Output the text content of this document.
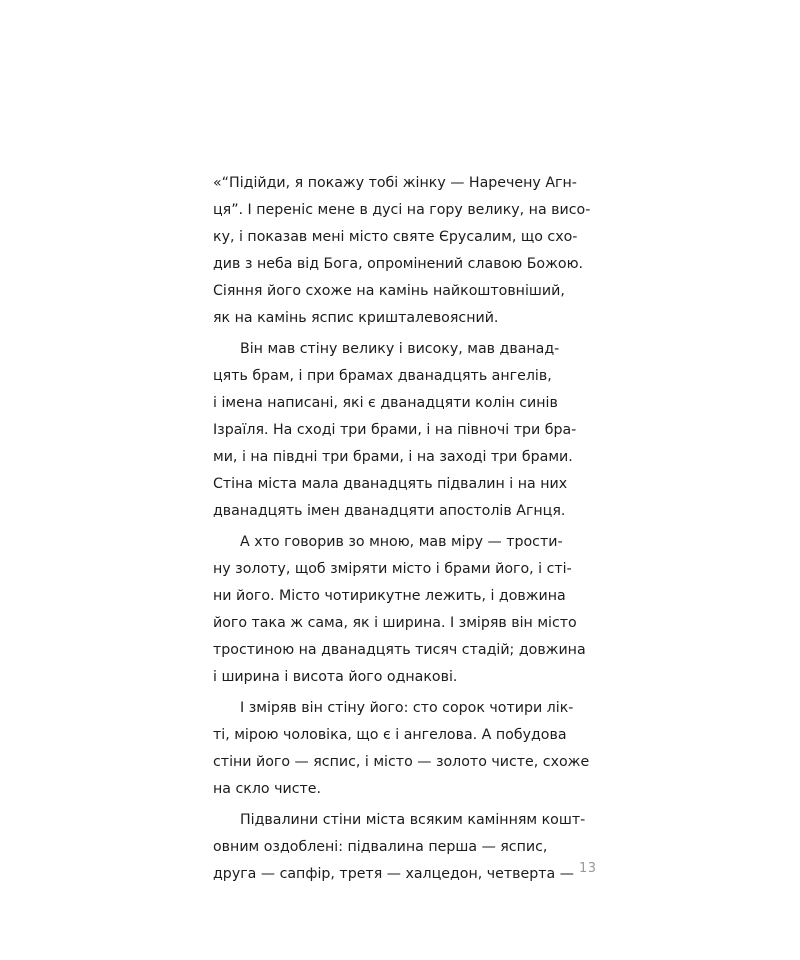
«“Підійди, я покажу тобі жінку — Наречену Агн-
ця”. І переніс мене в дусі на гору велику, на висо-
ку, і показав мені місто святе Єрусалим, що схо-
див з неба від Бога, опромінений славою Божою.
Сіяння його схоже на камінь найкоштовніший,
як на камінь яспис кришталевоясний.
Він мав стіну велику і високу, мав дванад-
цять брам, і при брамах дванадцять ангелів,
і імена написані, які є дванадцяти колін синів
Ізраїля. На сході три брами, і на півночі три бра-
ми, і на півдні три брами, і на заході три брами.
Стіна міста мала дванадцять підвалин і на них
дванадцять імен дванадцяти апостолів Агнця.
А хто говорив зо мною, мав міру — трости-
ну золоту, щоб зміряти місто і брами його, і сті-
ни його. Місто чотирикутне лежить, і довжина
його така ж сама, як і ширина. І зміряв він місто
тростиною на дванадцять тисяч стадій; довжина
і ширина і висота його однакові.
І зміряв він стіну його: сто сорок чотири лік-
ті, мірою чоловіка, що є і ангелова. А побудова
стіни його — яспис, і місто — золото чисте, схоже
на скло чисте.
Підвалини стіни міста всяким камінням кошт-
овним оздоблені: підвалина перша — яспис,
друга — сапфір, третя — халцедон, четверта — 13
